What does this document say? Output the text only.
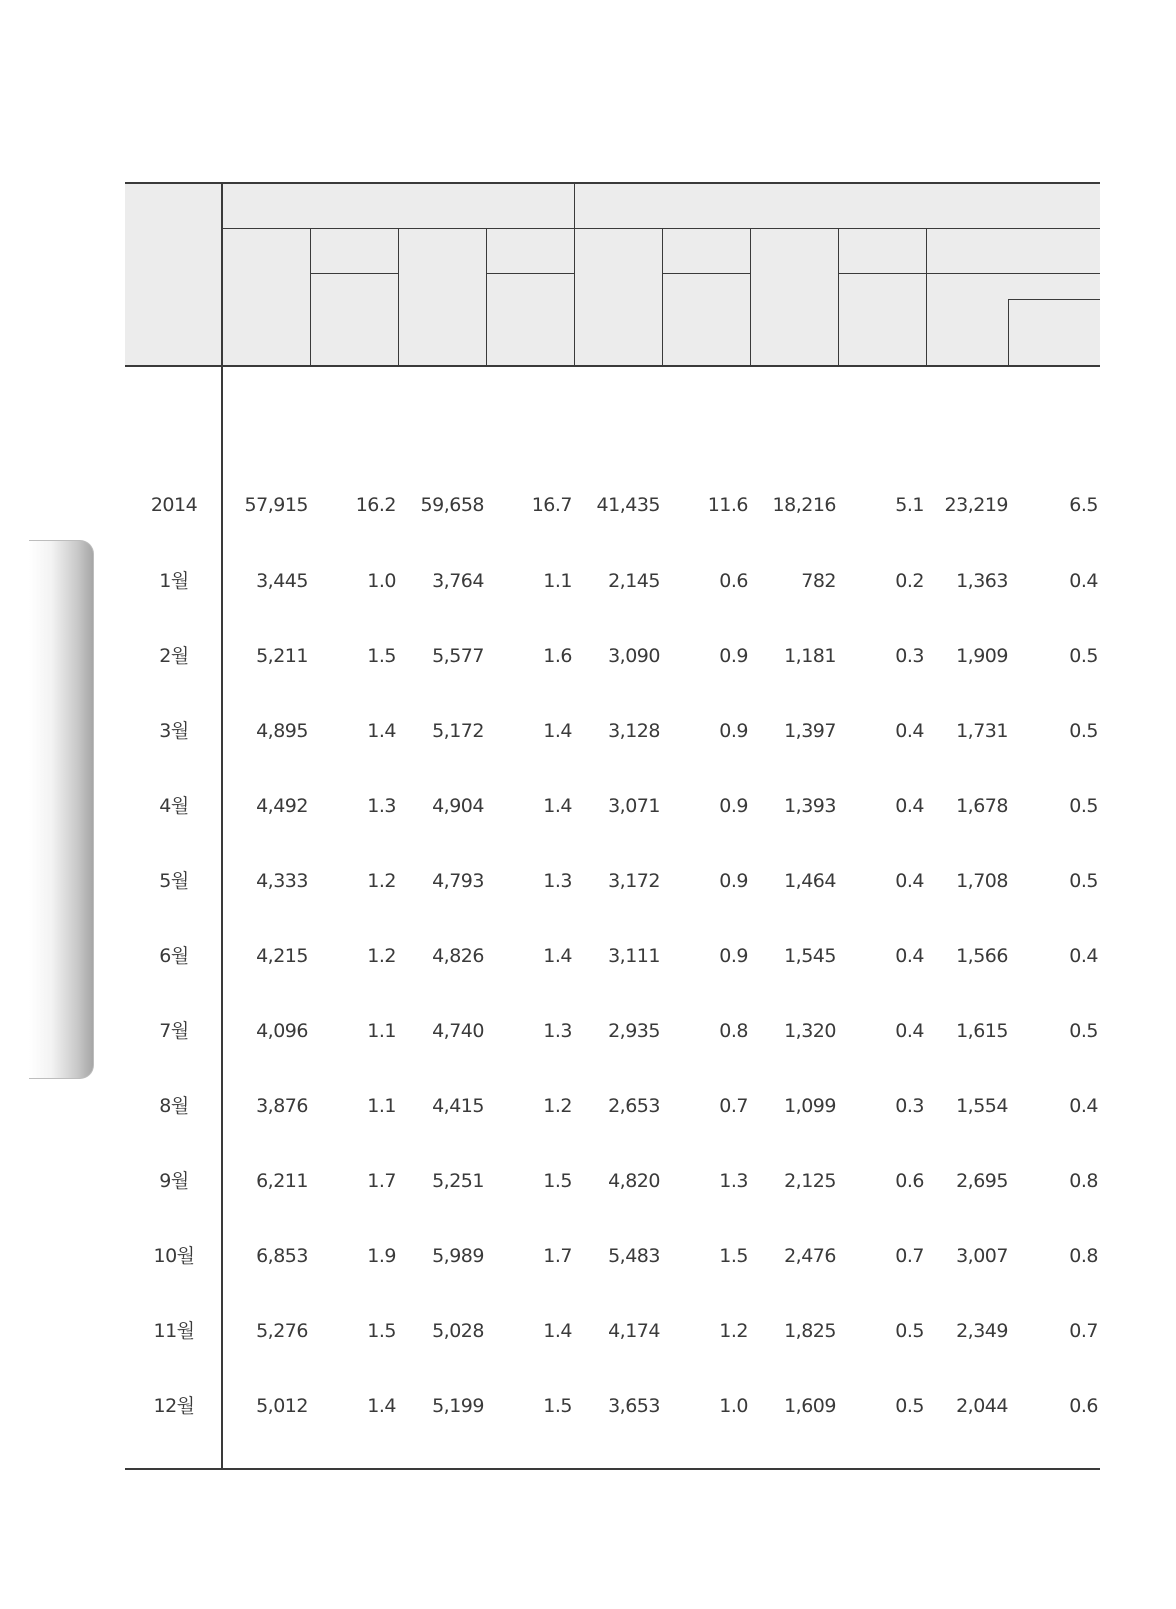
2014	57,915	16.2	59,658	16.7	41,435	11.6	18,216	5.1	23,219	6.5
1월	3,445	1.0	3,764	1.1	2,145	0.6	782	0.2	1,363	0.4
2월	5,211	1.5	5,577	1.6	3,090	0.9	1,181	0.3	1,909	0.5
3월	4,895	1.4	5,172	1.4	3,128	0.9	1,397	0.4	1,731	0.5
4월	4,492	1.3	4,904	1.4	3,071	0.9	1,393	0.4	1,678	0.5
5월	4,333	1.2	4,793	1.3	3,172	0.9	1,464	0.4	1,708	0.5
6월	4,215	1.2	4,826	1.4	3,111	0.9	1,545	0.4	1,566	0.4
7월	4,096	1.1	4,740	1.3	2,935	0.8	1,320	0.4	1,615	0.5
8월	3,876	1.1	4,415	1.2	2,653	0.7	1,099	0.3	1,554	0.4
9월	6,211	1.7	5,251	1.5	4,820	1.3	2,125	0.6	2,695	0.8
10월	6,853	1.9	5,989	1.7	5,483	1.5	2,476	0.7	3,007	0.8
11월	5,276	1.5	5,028	1.4	4,174	1.2	1,825	0.5	2,349	0.7
12월	5,012	1.4	5,199	1.5	3,653	1.0	1,609	0.5	2,044	0.6
